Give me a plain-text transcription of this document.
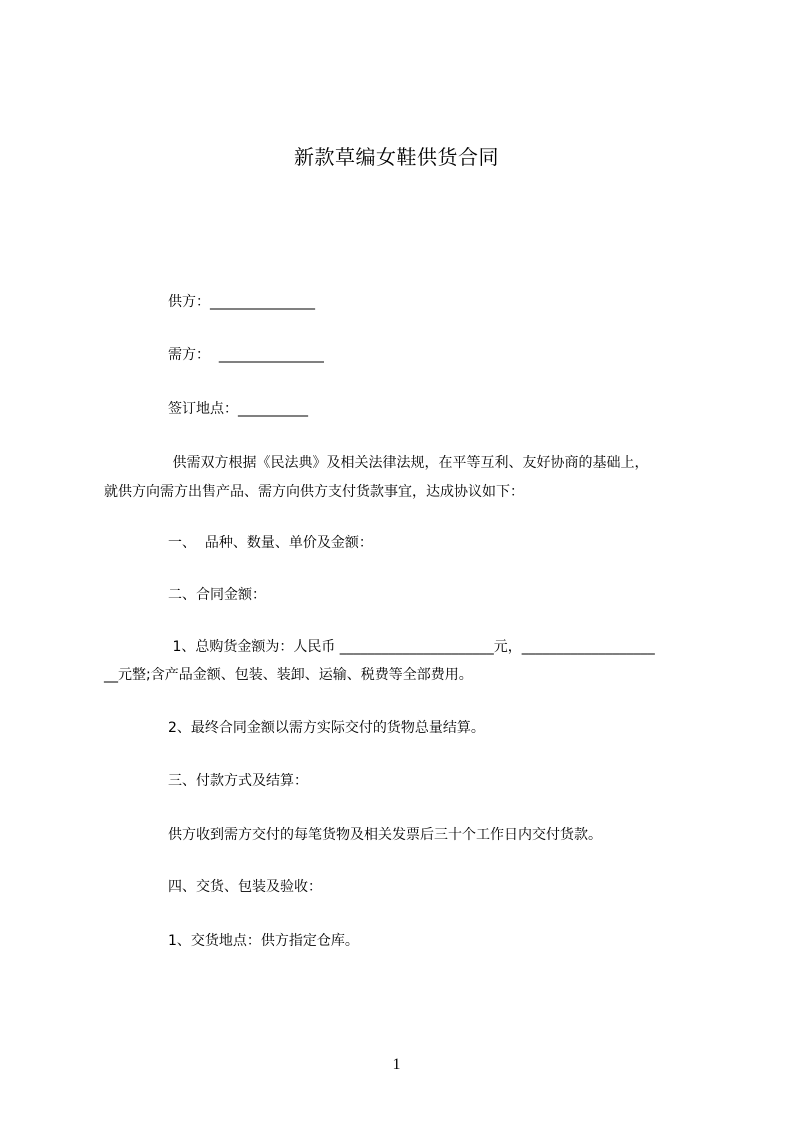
新款草编女鞋供货合同
供方：_______________
需方：  _______________
签订地点：__________
供需双方根据《民法典》及相关法律法规，在平等互利、友好协商的基础上，
就供方向需方出售产品、需方向供方支付货款事宜，达成协议如下：
一、  品种、数量、单价及金额：
二、合同金额：
1、总购货金额为：人民币 ______________________元，___________________
__元整;含产品金额、包装、装卸、运输、税费等全部费用。
2、最终合同金额以需方实际交付的货物总量结算。
三、付款方式及结算：
供方收到需方交付的每笔货物及相关发票后三十个工作日内交付货款。
四、交货、包装及验收：
1、交货地点：供方指定仓库。
1
